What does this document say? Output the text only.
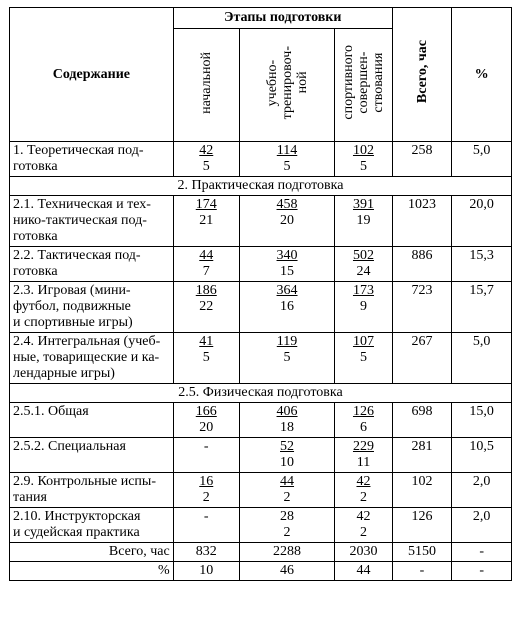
Содержание	Этапы подготовки			Всего, час	%
	начальной	учебно-
тренировоч-
ной	спортивного
совершен-
ствования		
1. Теоретическая под-
готовка	42
5	114
5	102
5	258	5,0
2. Практическая подготовка					
2.1. Техническая и тех-
нико-тактическая под-
готовка	174
21	458
20	391
19	1023	20,0
2.2. Тактическая под-
готовка	44
7	340
15	502
24	886	15,3
2.3. Игровая (мини-
футбол, подвижные
и спортивные игры)	186
22	364
16	173
9	723	15,7
2.4. Интегральная (учеб-
ные, товарищеские и ка-
лендарные игры)	41
5	119
5	107
5	267	5,0
2.5. Физическая подготовка					
2.5.1. Общая	166
20	406
18	126
6	698	15,0
2.5.2. Специальная	-	52
10	229
11	281	10,5
2.9. Контрольные испы-
тания	16
2	44
2	42
2	102	2,0
2.10. Инструкторская
и судейская практика	-	28
2	42
2	126	2,0
Всего, час	832	2288	2030	5150	-
%	10	46	44	-	-
